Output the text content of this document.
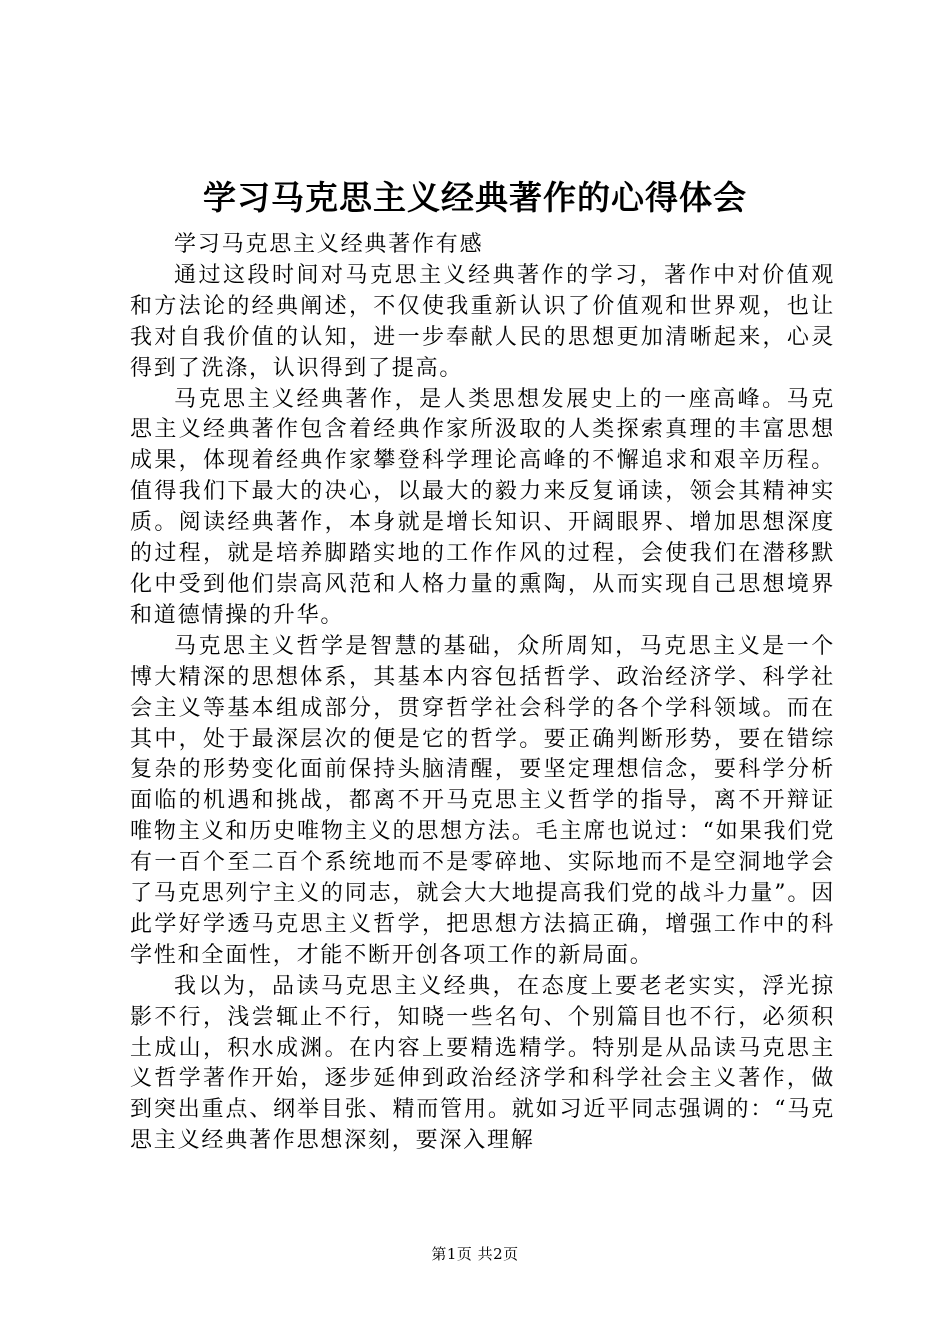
学习马克思主义经典著作的心得体会

学习马克思主义经典著作有感

通过这段时间对马克思主义经典著作的学习，著作中对价值观和方法论的经典阐述，不仅使我重新认识了价值观和世界观，也让我对自我价值的认知，进一步奉献人民的思想更加清晰起来，心灵得到了洗涤，认识得到了提高。

马克思主义经典著作，是人类思想发展史上的一座高峰。马克思主义经典著作包含着经典作家所汲取的人类探索真理的丰富思想成果，体现着经典作家攀登科学理论高峰的不懈追求和艰辛历程。值得我们下最大的决心，以最大的毅力来反复诵读，领会其精神实质。阅读经典著作，本身就是增长知识、开阔眼界、增加思想深度的过程，就是培养脚踏实地的工作作风的过程，会使我们在潜移默化中受到他们崇高风范和人格力量的熏陶，从而实现自己思想境界和道德情操的升华。

马克思主义哲学是智慧的基础，众所周知，马克思主义是一个博大精深的思想体系，其基本内容包括哲学、政治经济学、科学社会主义等基本组成部分，贯穿哲学社会科学的各个学科领域。而在其中，处于最深层次的便是它的哲学。要正确判断形势，要在错综复杂的形势变化面前保持头脑清醒，要坚定理想信念，要科学分析面临的机遇和挑战，都离不开马克思主义哲学的指导，离不开辩证唯物主义和历史唯物主义的思想方法。毛主席也说过：“如果我们党有一百个至二百个系统地而不是零碎地、实际地而不是空洞地学会了马克思列宁主义的同志，就会大大地提高我们党的战斗力量”。因此学好学透马克思主义哲学，把思想方法搞正确，增强工作中的科学性和全面性，才能不断开创各项工作的新局面。

我以为，品读马克思主义经典，在态度上要老老实实，浮光掠影不行，浅尝辄止不行，知晓一些名句、个别篇目也不行，必须积土成山，积水成渊。在内容上要精选精学。特别是从品读马克思主义哲学著作开始，逐步延伸到政治经济学和科学社会主义著作，做到突出重点、纲举目张、精而管用。就如习近平同志强调的：“马克思主义经典著作思想深刻，要深入理解

第1页 共2页
